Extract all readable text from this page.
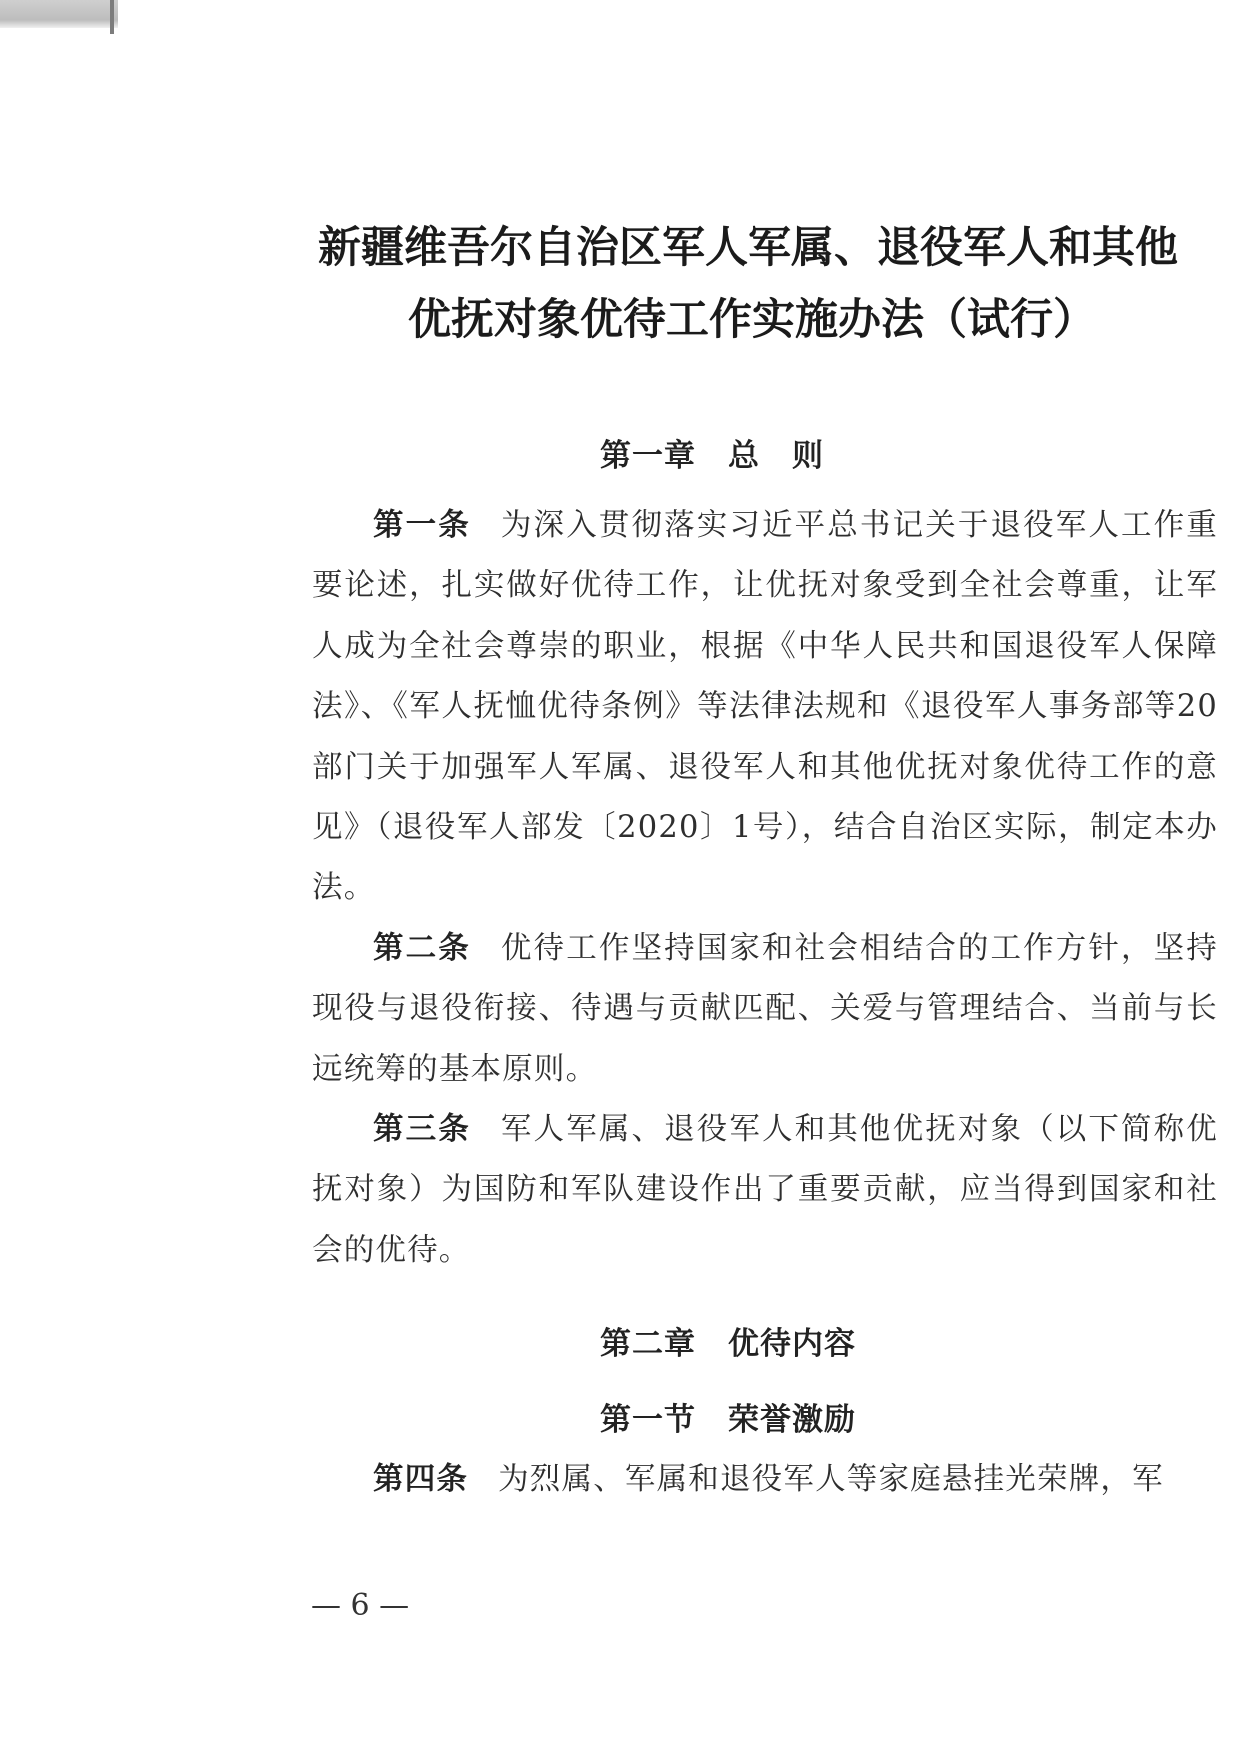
新疆维吾尔自治区军人军属、退役军人和其他
优抚对象优待工作实施办法（试行）
第一章　总　则

第一条 为深入贯彻落实习近平总书记关于退役军人工作重要论述，扎实做好优待工作，让优抚对象受到全社会尊重，让军人成为全社会尊崇的职业，根据《中华人民共和国退役军人保障法》、《军人抚恤优待条例》等法律法规和《退役军人事务部等20部门关于加强军人军属、退役军人和其他优抚对象优待工作的意见》（退役军人部发〔2020〕1号），结合自治区实际，制定本办法。

第二条 优待工作坚持国家和社会相结合的工作方针，坚持现役与退役衔接、待遇与贡献匹配、关爱与管理结合、当前与长远统筹的基本原则。

第三条 军人军属、退役军人和其他优抚对象（以下简称优抚对象）为国防和军队建设作出了重要贡献，应当得到国家和社会的优待。

第二章　优待内容
第一节　荣誉激励

第四条 为烈属、军属和退役军人等家庭悬挂光荣牌，军

— 6 —
